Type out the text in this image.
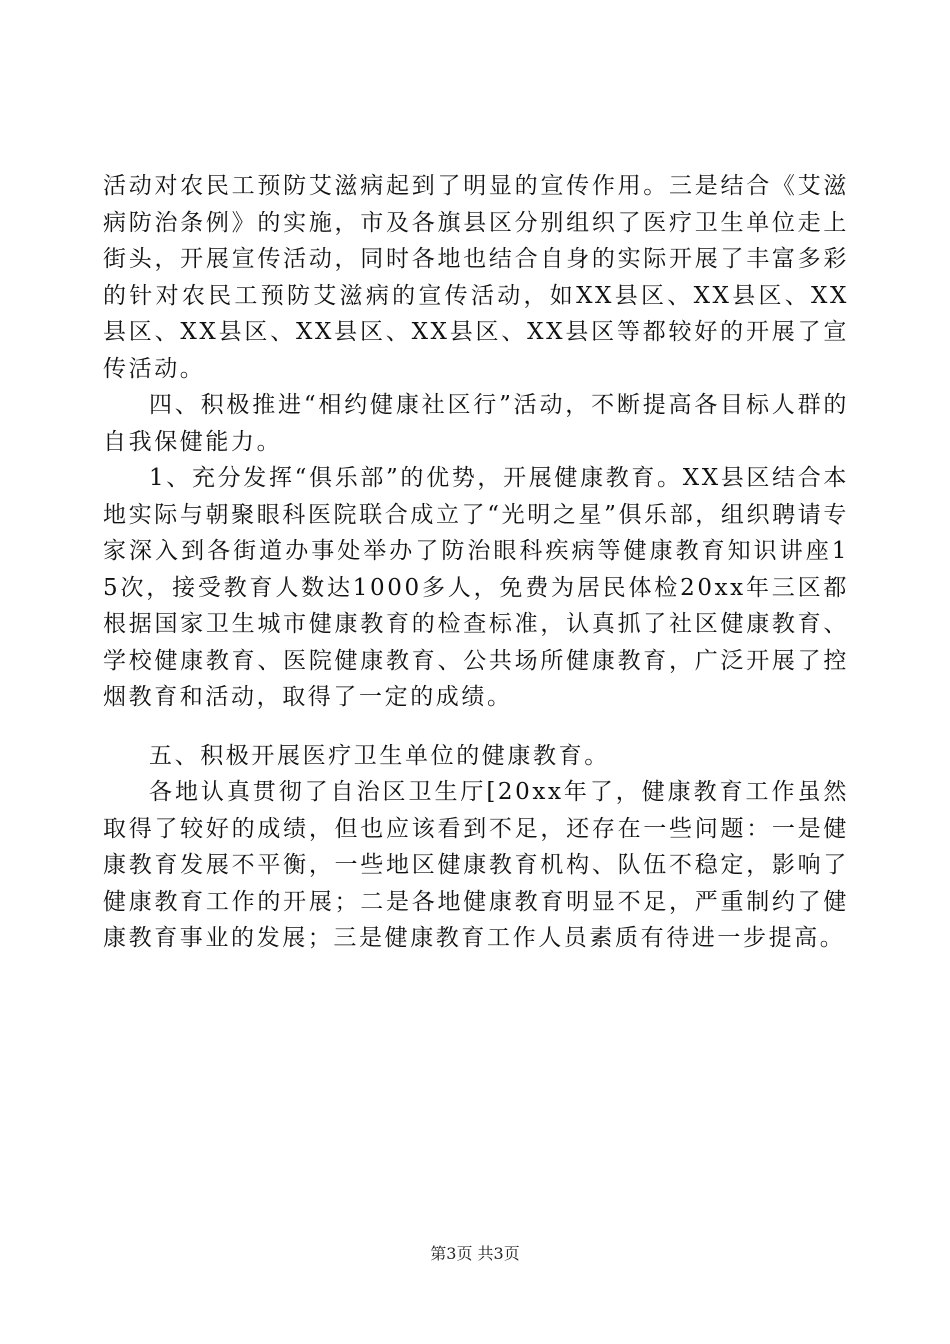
活动对农民工预防艾滋病起到了明显的宣传作用。三是结合《艾滋病防治条例》的实施，市及各旗县区分别组织了医疗卫生单位走上街头，开展宣传活动，同时各地也结合自身的实际开展了丰富多彩的针对农民工预防艾滋病的宣传活动，如XX县区、XX县区、XX县区、XX县区、XX县区、XX县区、XX县区等都较好的开展了宣传活动。

四、积极推进“相约健康社区行”活动，不断提高各目标人群的自我保健能力。

1、充分发挥“俱乐部”的优势，开展健康教育。XX县区结合本地实际与朝聚眼科医院联合成立了“光明之星”俱乐部，组织聘请专家深入到各街道办事处举办了防治眼科疾病等健康教育知识讲座15次，接受教育人数达1000多人，免费为居民体检20xx年三区都根据国家卫生城市健康教育的检查标准，认真抓了社区健康教育、学校健康教育、医院健康教育、公共场所健康教育，广泛开展了控烟教育和活动，取得了一定的成绩。

五、积极开展医疗卫生单位的健康教育。

各地认真贯彻了自治区卫生厅[20xx年了，健康教育工作虽然取得了较好的成绩，但也应该看到不足，还存在一些问题：一是健康教育发展不平衡，一些地区健康教育机构、队伍不稳定，影响了健康教育工作的开展；二是各地健康教育明显不足，严重制约了健康教育事业的发展；三是健康教育工作人员素质有待进一步提高。

第3页 共3页
